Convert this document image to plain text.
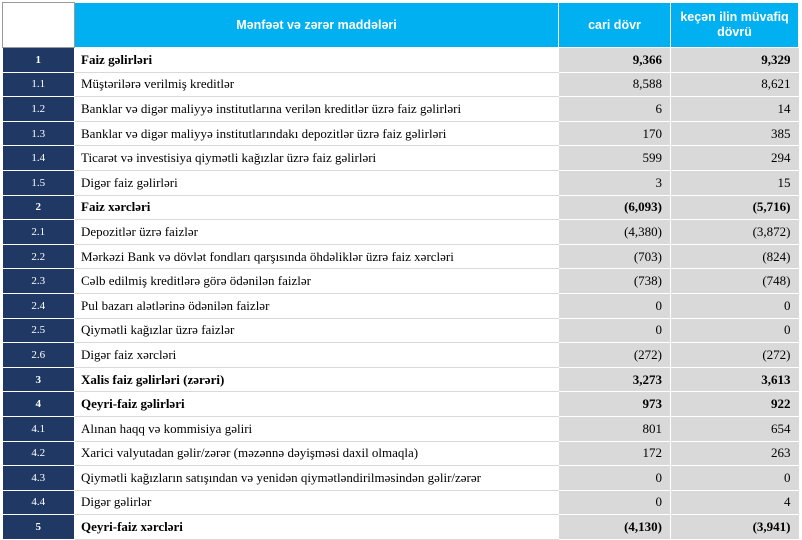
	Mənfəət və zərər maddələri	cari dövr	keçən ilin müvafiq dövrü
1	Faiz gəlirləri	9,366	9,329
1.1	Müştərilərə verilmiş kreditlər	8,588	8,621
1.2	Banklar və digər maliyyə institutlarına verilən kreditlər üzrə faiz gəlirləri	6	14
1.3	Banklar və digər maliyyə institutlarındakı depozitlər üzrə faiz gəlirləri	170	385
1.4	Ticarət və investisiya qiymətli kağızlar üzrə faiz gəlirləri	599	294
1.5	Digər faiz gəlirləri	3	15
2	Faiz xərcləri	(6,093)	(5,716)
2.1	Depozitlər üzrə faizlər	(4,380)	(3,872)
2.2	Mərkəzi Bank və dövlət fondları qarşısında öhdəliklər üzrə faiz xərcləri	(703)	(824)
2.3	Cəlb edilmiş kreditlərə görə ödənilən faizlər	(738)	(748)
2.4	Pul bazarı alətlərinə ödənilən faizlər	0	0
2.5	Qiymətli kağızlar üzrə faizlər	0	0
2.6	Digər faiz xərcləri	(272)	(272)
3	Xalis faiz gəlirləri (zərəri)	3,273	3,613
4	Qeyri-faiz gəlirləri	973	922
4.1	Alınan haqq və kommisiya gəliri	801	654
4.2	Xarici valyutadan gəlir/zərər (məzənnə dəyişməsi daxil olmaqla)	172	263
4.3	Qiymətli kağızların satışından və yenidən qiymətləndirilməsindən gəlir/zərər	0	0
4.4	Digər gəlirlər	0	4
5	Qeyri-faiz xərcləri	(4,130)	(3,941)
